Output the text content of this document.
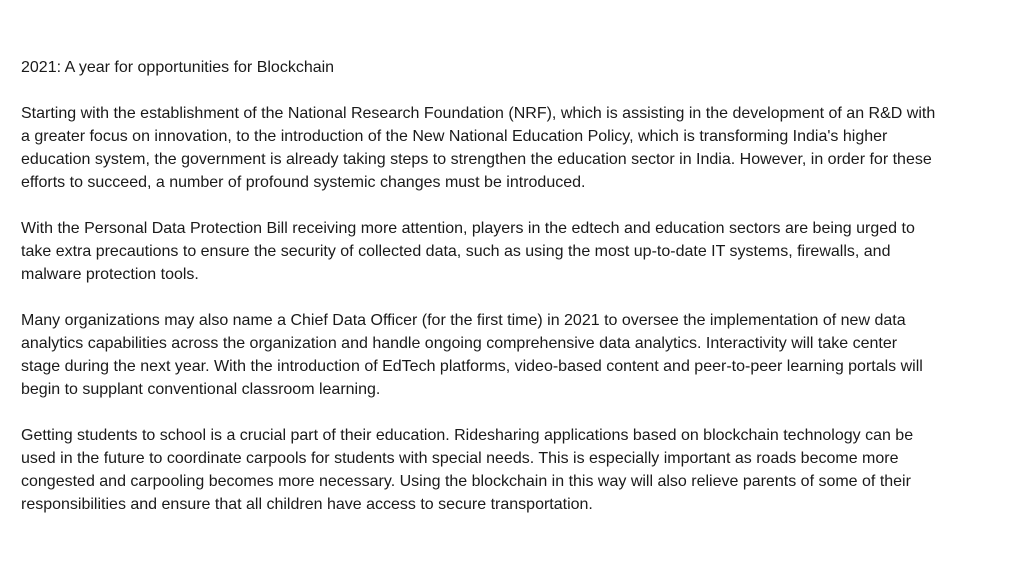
2021: A year for opportunities for Blockchain

Starting with the establishment of the National Research Foundation (NRF), which is assisting in the development of an R&D with
a greater focus on innovation, to the introduction of the New National Education Policy, which is transforming India's higher
education system, the government is already taking steps to strengthen the education sector in India. However, in order for these
efforts to succeed, a number of profound systemic changes must be introduced.

With the Personal Data Protection Bill receiving more attention, players in the edtech and education sectors are being urged to
take extra precautions to ensure the security of collected data, such as using the most up-to-date IT systems, firewalls, and
malware protection tools.

Many organizations may also name a Chief Data Officer (for the first time) in 2021 to oversee the implementation of new data
analytics capabilities across the organization and handle ongoing comprehensive data analytics. Interactivity will take center
stage during the next year. With the introduction of EdTech platforms, video-based content and peer-to-peer learning portals will
begin to supplant conventional classroom learning.

Getting students to school is a crucial part of their education. Ridesharing applications based on blockchain technology can be
used in the future to coordinate carpools for students with special needs. This is especially important as roads become more
congested and carpooling becomes more necessary. Using the blockchain in this way will also relieve parents of some of their
responsibilities and ensure that all children have access to secure transportation.
